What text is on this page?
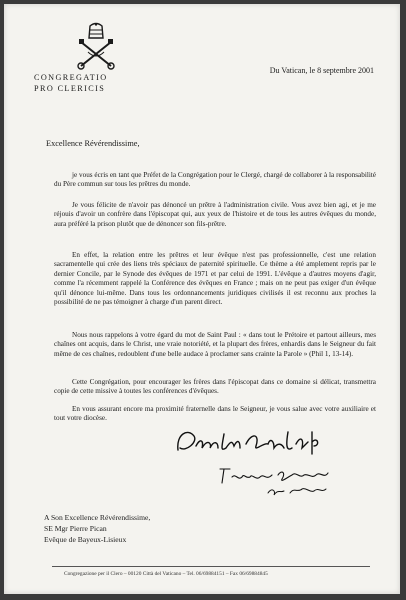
CONGREGATIO
PRO CLERICIS
Du Vatican, le 8 septembre 2001
Excellence Révérendissime,

je vous écris en tant que Préfet de la Congrégation pour le Clergé, chargé de collaborer à la responsabilité du Père commun sur tous les prêtres du monde.

Je vous félicite de n'avoir pas dénoncé un prêtre à l'administration civile. Vous avez bien agi, et je me réjouis d'avoir un confrère dans l'épiscopat qui, aux yeux de l'histoire et de tous les autres évêques du monde, aura préféré la prison plutôt que de dénoncer son fils-prêtre.

En effet, la relation entre les prêtres et leur évêque n'est pas professionnelle, c'est une relation sacramentelle qui crée des liens très spéciaux de paternité spirituelle. Ce thème a été amplement repris par le dernier Concile, par le Synode des évêques de 1971 et par celui de 1991. L'évêque a d'autres moyens d'agir, comme l'a récemment rappelé la Conférence des évêques en France ; mais on ne peut pas exiger d'un évêque qu'il dénonce lui-même. Dans tous les ordonnancements juridiques civilisés il est reconnu aux proches la possibilité de ne pas témoigner à charge d'un parent direct.

Nous nous rappelons à votre égard du mot de Saint Paul : « dans tout le Prétoire et partout ailleurs, mes chaînes ont acquis, dans le Christ, une vraie notoriété, et la plupart des frères, enhardis dans le Seigneur du fait même de ces chaînes, redoublent d'une belle audace à proclamer sans crainte la Parole » (Phil 1, 13-14).

Cette Congrégation, pour encourager les frères dans l'épiscopat dans ce domaine si délicat, transmettra copie de cette missive à toutes les conférences d'évêques.

En vous assurant encore ma proximité fraternelle dans le Seigneur, je vous salue avec votre auxiliaire et tout votre diocèse.

A Son Excellence Révérendissime,
SE Mgr Pierre Pican
Evêque de Bayeux-Lisieux
Congregazione per il Clero – 00120 Città del Vaticano – Tel. 06/69884151 – Fax 06/69884845
